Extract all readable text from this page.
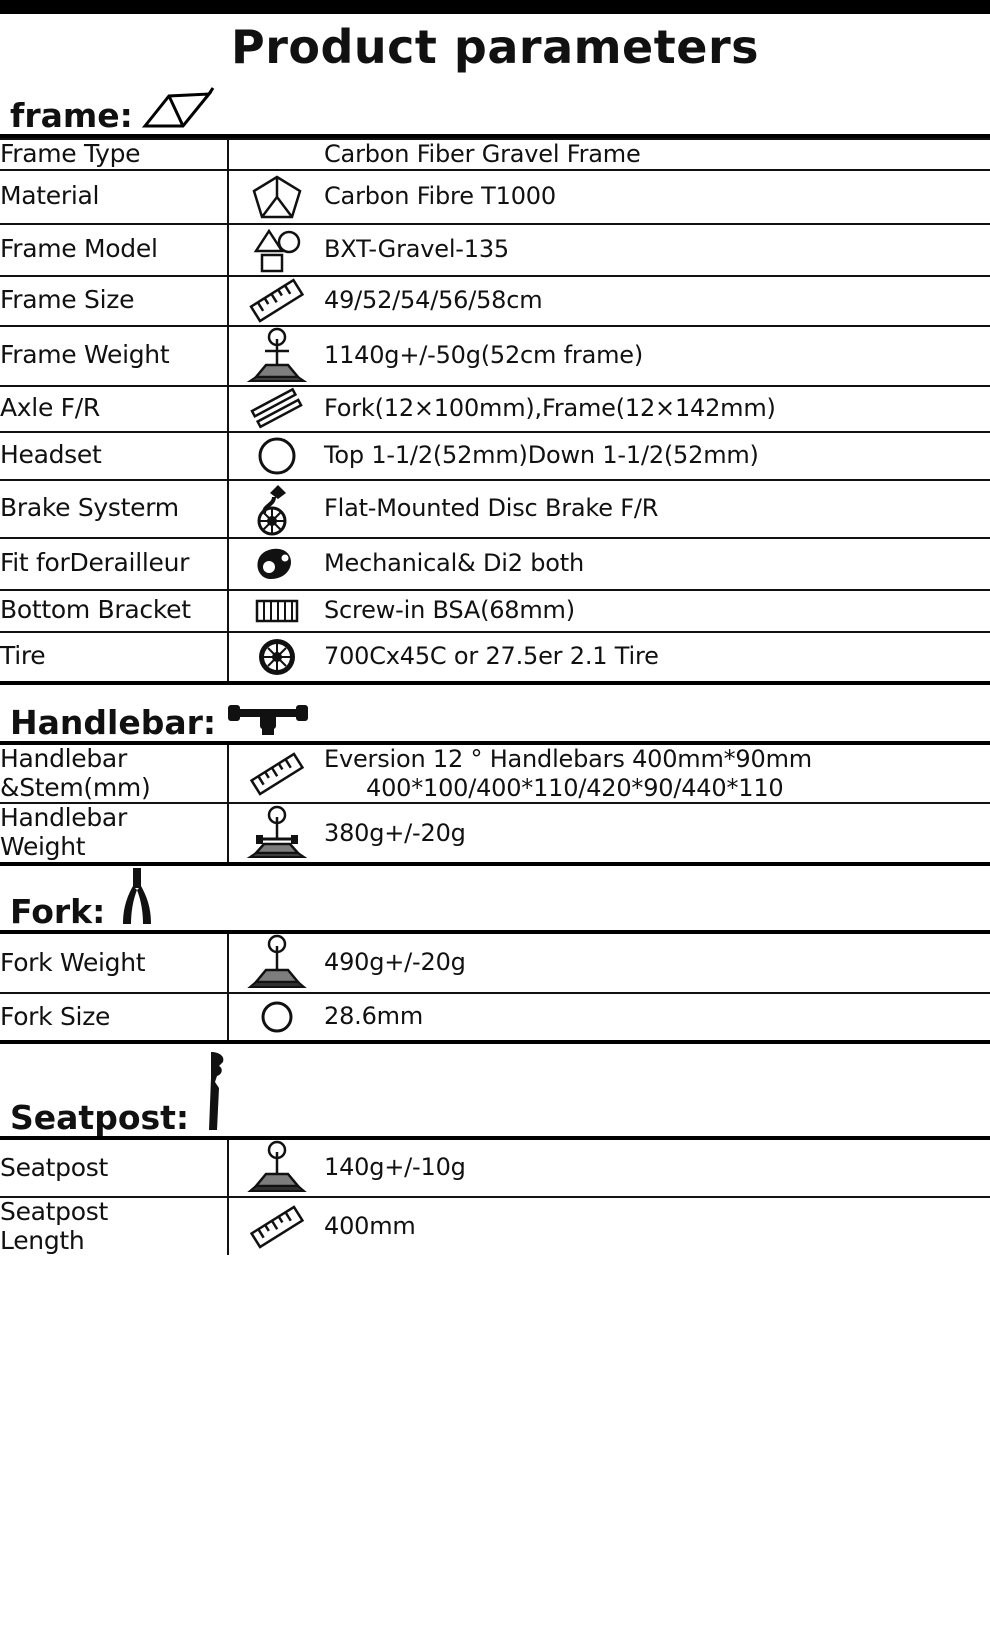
Product parameters
frame:
Frame Type		Carbon Fiber Gravel Frame
Material		Carbon Fibre T1000
Frame Model		BXT-Gravel-135
Frame Size		49/52/54/56/58cm
Frame Weight		1140g+/-50g(52cm frame)
Axle F/R		Fork(12×100mm),Frame(12×142mm)
Headset		Top 1-1/2(52mm)Down 1-1/2(52mm)
Brake Systerm		Flat-Mounted Disc Brake F/R
Fit forDerailleur		Mechanical& Di2 both
Bottom Bracket		Screw-in BSA(68mm)
Tire		700Cx45C or 27.5er 2.1 Tire
Handlebar:
Handlebar
&Stem(mm)		Eversion 12 ° Handlebars 400mm*90mm
400*100/400*110/420*90/440*110

Handlebar
Weight		380g+/-20g
Fork:
Fork Weight		490g+/-20g
Fork Size		28.6mm
Seatpost:
Seatpost		140g+/-10g
Seatpost
Length		400mm
